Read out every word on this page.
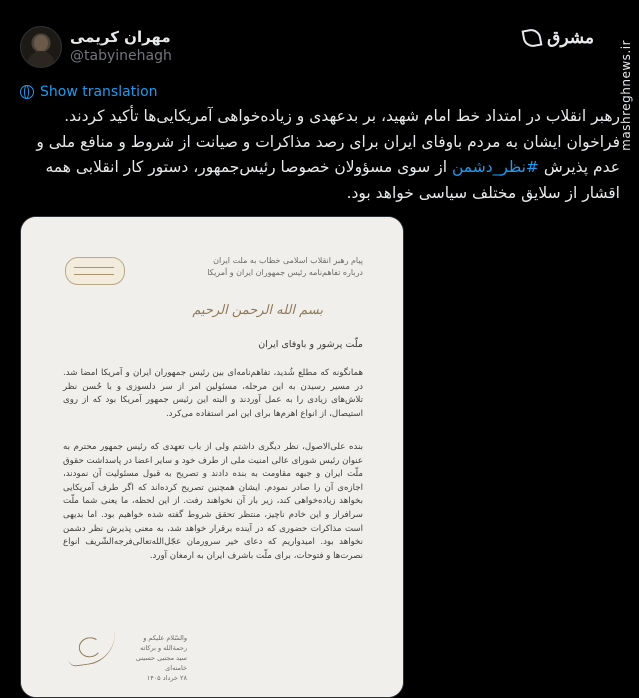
مهران کریمی
@tabyinehagh
مشرق
mashreghnews.ir
Show translation
رهبر انقلاب در امتداد خط امام شهید، بر بدعهدی و زیاده‌خواهی آمریکایی‌ها تأکید کردند. فراخوان ایشان به مردم باوفای ایران برای رصد مذاکرات و صیانت از شروط و منافع ملی و عدم پذیرش #نظر_دشمن از سوی مسؤولان خصوصا رئیس‌جمهور، دستور کار انقلابی همه اقشار از سلایق مختلف سیاسی خواهد بود.
پیام رهبر انقلاب اسلامی خطاب به ملت ایران
درباره تفاهم‌نامه رئیس جمهوران ایران و آمریکا
بسم الله الرحمن الرحیم
ملّت پرشور و باوفای ایران
همانگونه که مطلع شُدید، تفاهم‌نامه‌ای بین رئیس جمهوران ایران و آمریکا امضا شد. در مسیر رسیدن به این مرحله، مسئولین امر از سر دلسوزی و با حُسن نظر تلاش‌های زیادی را به عمل آوردند و البته این رئیس جمهور آمریکا بود که از روی استیصال، از انواع اهرم‌ها برای این امر استفاده می‌کرد.
بنده علی‌الاصول، نظر دیگری داشتم ولی از باب تعهدی که رئیس جمهور محترم به عنوان رئیس شورای عالی امنیت ملی از طرف خود و سایر اعضا در پاسداشت حقوق ملّت ایران و جبهه مقاومت به بنده دادند و تصریح به قبول مسئولیت آن نمودند، اجازه‌ی آن را صادر نمودم. ایشان همچنین تصریح کرده‌اند که اگر طرف آمریکایی بخواهد زیاده‌خواهی کند، زیر بار آن نخواهند رفت. از این لحظه، ما یعنی شما ملّت سرافراز و این خادم ناچیز، منتظر تحقق شروط گفته شده خواهیم بود. اما بدیهی است مذاکرات حضوری که در آینده برقرار خواهد شد، به معنی پذیرش نظر دشمن نخواهد بود. امیدواریم که دعای خیر سرورمان عجّل‌الله‌تعالی‌فرجه‌الشّریف انواع نصرت‌ها و فتوحات، برای ملّت باشرف ایران به ارمغان آورد.
والسّلام علیکم و رحمة‌الله و برکاته
سید مجتبی حسینی خامنه‌ای
۲۸ خرداد ۱۴۰۵
